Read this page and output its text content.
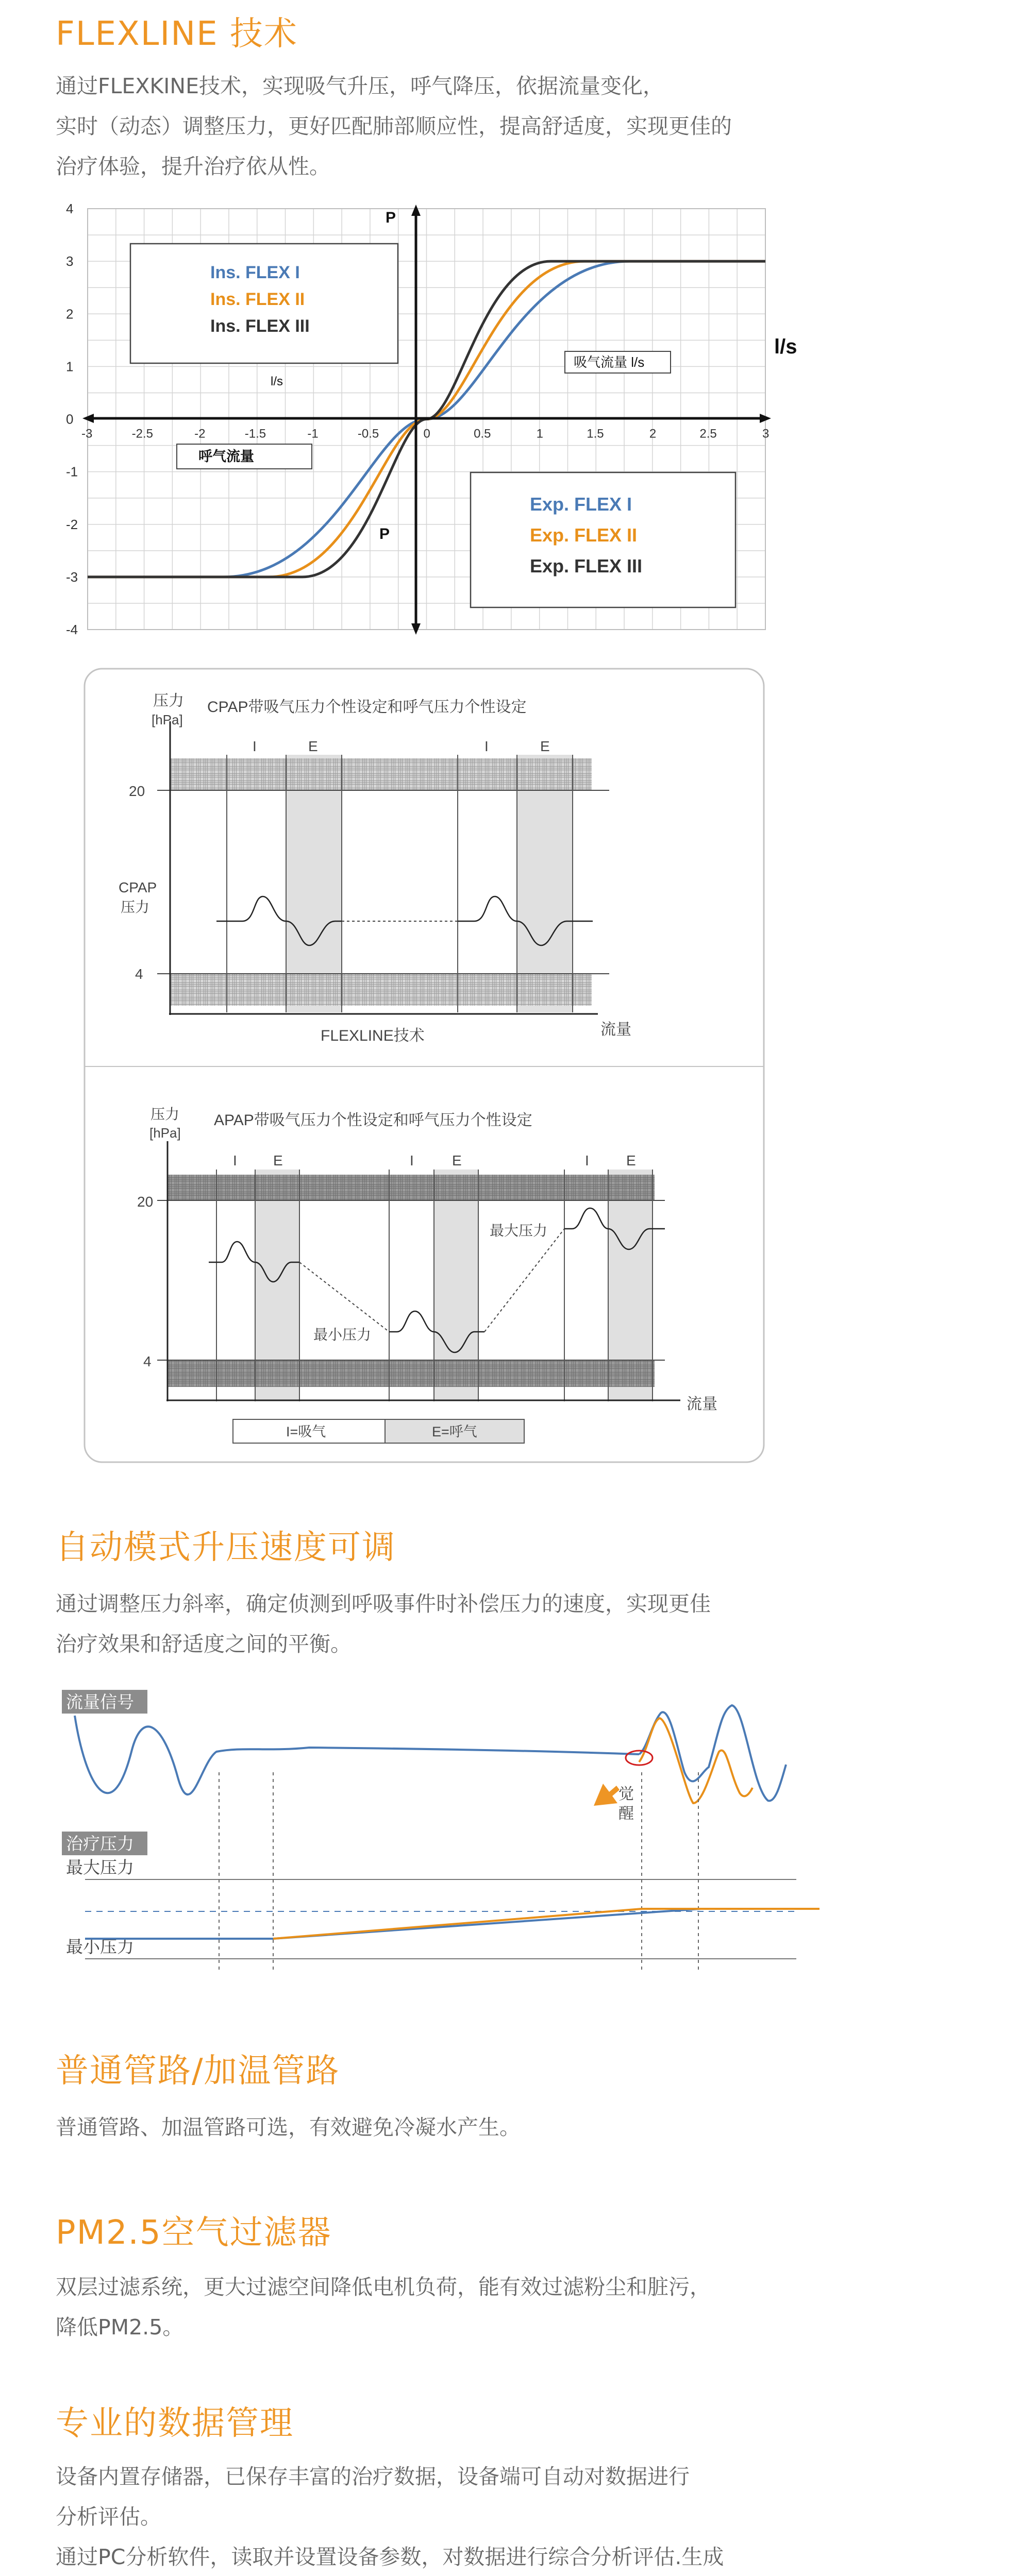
FLEXLINE 技术
通过FLEXKINE技术，实现吸气升压，呼气降压，依据流量变化，
实时（动态）调整压力，更好匹配肺部顺应性，提高舒适度，实现更佳的
治疗体验，提升治疗依从性。
-3	-2.5	-2	-1.5	-1	-0.5	0	0.5	1	1.5	2	2.5	3
4
3
2
1
0
-1
-2
-3
-4
P
P
l/s
l/s
吸气流量 l/s
呼气流量
Ins. FLEX I
Ins. FLEX II
Ins. FLEX III
Exp. FLEX I
Exp. FLEX II
Exp. FLEX III
压力
[hPa]
CPAP带吸气压力个性设定和呼气压力个性设定
I	E	I	E
20
4
CPAP
压力
流量
FLEXLINE技术
压力
[hPa]
APAP带吸气压力个性设定和呼气压力个性设定
I	E	I	E	I	E
20
4
最大压力
最小压力
流量
I=吸气	E=呼气
自动模式升压速度可调
通过调整压力斜率，确定侦测到呼吸事件时补偿压力的速度，实现更佳
治疗效果和舒适度之间的平衡。
流量信号
觉
醒
治疗压力
最大压力
最小压力
普通管路/加温管路
普通管路、加温管路可选，有效避免冷凝水产生。
PM2.5空气过滤器
双层过滤系统，更大过滤空间降低电机负荷，能有效过滤粉尘和脏污，
降低PM2.5。
专业的数据管理
设备内置存储器，已保存丰富的治疗数据，设备端可自动对数据进行
分析评估。
通过PC分析软件，读取并设置设备参数，对数据进行综合分析评估.生成
